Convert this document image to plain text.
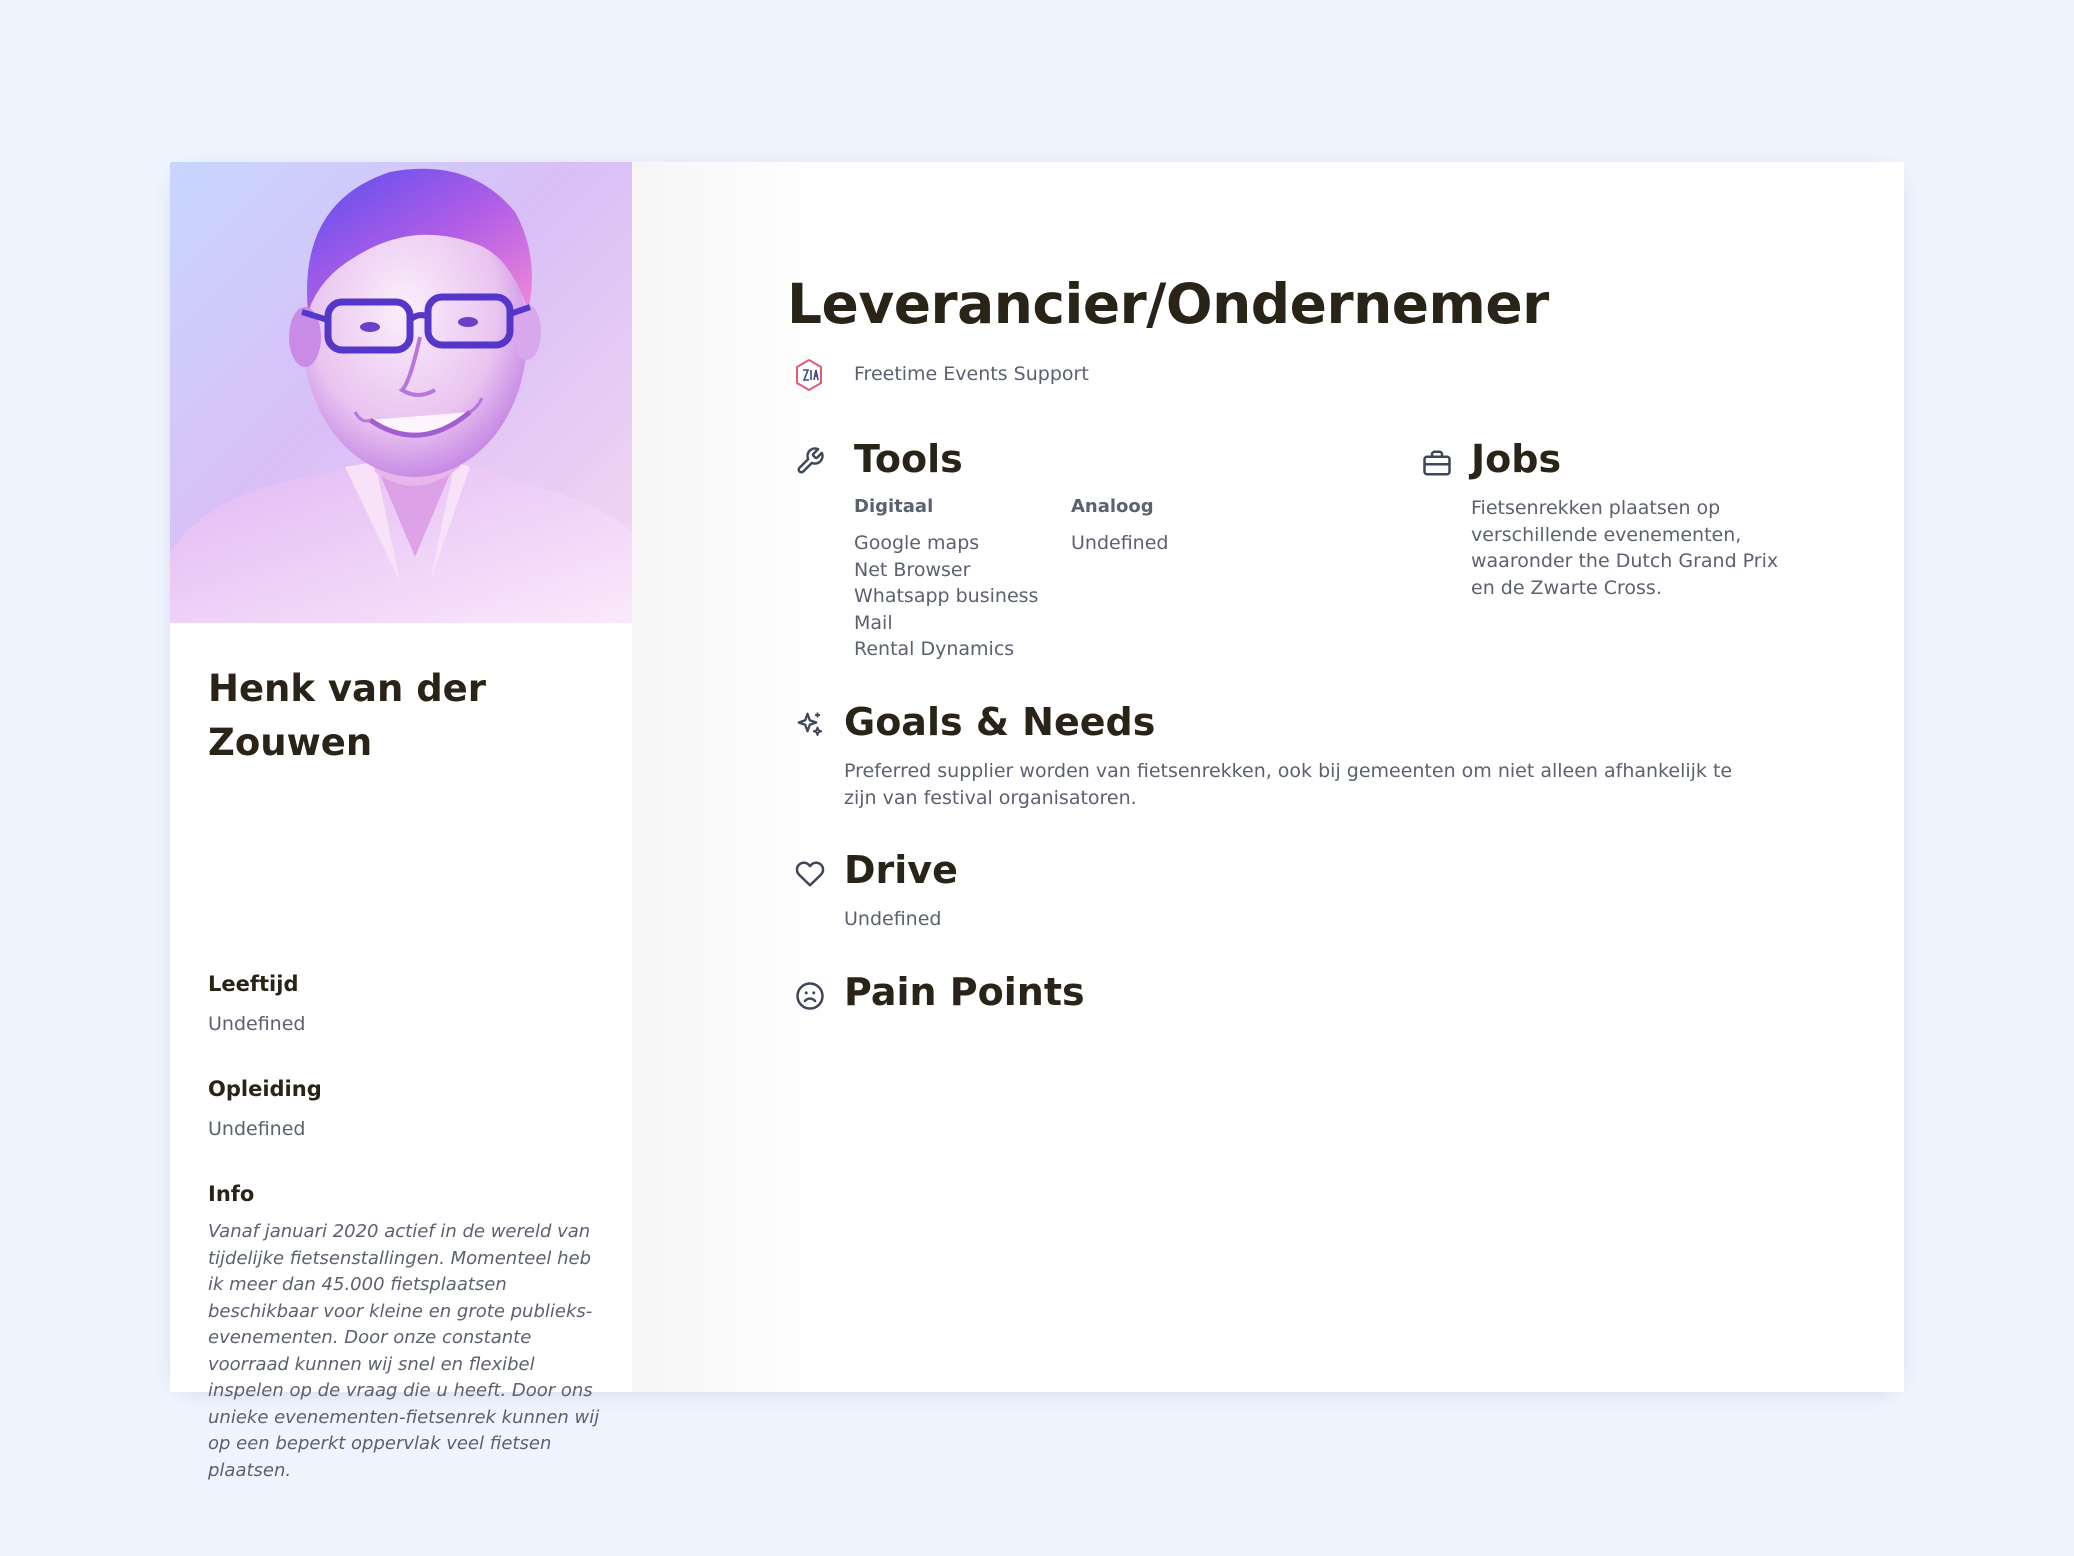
Henk van der Zouwen
Leeftijd
Undefined
Opleiding
Undefined
Info

Vanaf januari 2020 actief in de wereld van tijdelijke fietsenstallingen. Momenteel heb ik meer dan 45.000 fietsplaatsen beschikbaar voor kleine en grote publieks-evenementen. Door onze constante voorraad kunnen wij snel en flexibel inspelen op de vraag die u heeft. Door ons unieke evenementen-fietsenrek kunnen wij op een beperkt oppervlak veel fietsen plaatsen.

Leverancier/Ondernemer
Freetime Events Support
Tools
Digitaal
Google maps
Net Browser
Whatsapp business
Mail
Rental Dynamics
Analoog
Undefined
Jobs

Fietsenrekken plaatsen op verschillende evenementen, waaronder the Dutch Grand Prix en de Zwarte Cross.

Goals & Needs

Preferred supplier worden van fietsenrekken, ook bij gemeenten om niet alleen afhankelijk te zijn van festival organisatoren.

Drive

Undefined

Pain Points
